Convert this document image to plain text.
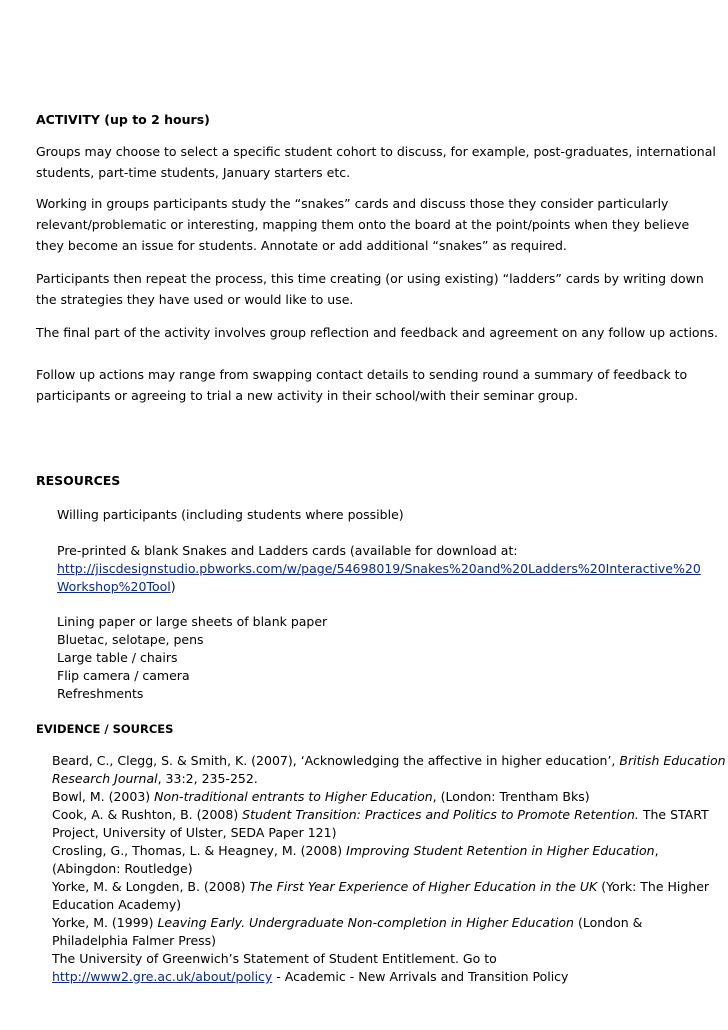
ACTIVITY (up to 2 hours)
Groups may choose to select a specific student cohort to discuss, for example, post-graduates, international
students, part-time students, January starters etc.
Working in groups participants study the “snakes” cards and discuss those they consider particularly
relevant/problematic or interesting, mapping them onto the board at the point/points when they believe
they become an issue for students. Annotate or add additional “snakes” as required.
Participants then repeat the process, this time creating (or using existing) “ladders” cards by writing down
the strategies they have used or would like to use.
The final part of the activity involves group reflection and feedback and agreement on any follow up actions.
Follow up actions may range from swapping contact details to sending round a summary of feedback to
participants or agreeing to trial a new activity in their school/with their seminar group.
RESOURCES
Willing participants (including students where possible)
Pre-printed & blank Snakes and Ladders cards (available for download at:
http://jiscdesignstudio.pbworks.com/w/page/54698019/Snakes%20and%20Ladders%20Interactive%20
Workshop%20Tool)
Lining paper or large sheets of blank paper
Bluetac, selotape, pens
Large table / chairs
Flip camera / camera
Refreshments
EVIDENCE / SOURCES
Beard, C., Clegg, S. & Smith, K. (2007), ‘Acknowledging the affective in higher education’, British Education
Research Journal, 33:2, 235-252.
Bowl, M. (2003) Non-traditional entrants to Higher Education, (London: Trentham Bks)
Cook, A. & Rushton, B. (2008) Student Transition: Practices and Politics to Promote Retention. The START
Project, University of Ulster, SEDA Paper 121)
Crosling, G., Thomas, L. & Heagney, M. (2008) Improving Student Retention in Higher Education,
(Abingdon: Routledge)
Yorke, M. & Longden, B. (2008) The First Year Experience of Higher Education in the UK (York: The Higher
Education Academy)
Yorke, M. (1999) Leaving Early. Undergraduate Non-completion in Higher Education (London &
Philadelphia Falmer Press)
The University of Greenwich’s Statement of Student Entitlement. Go to
http://www2.gre.ac.uk/about/policy - Academic - New Arrivals and Transition Policy
